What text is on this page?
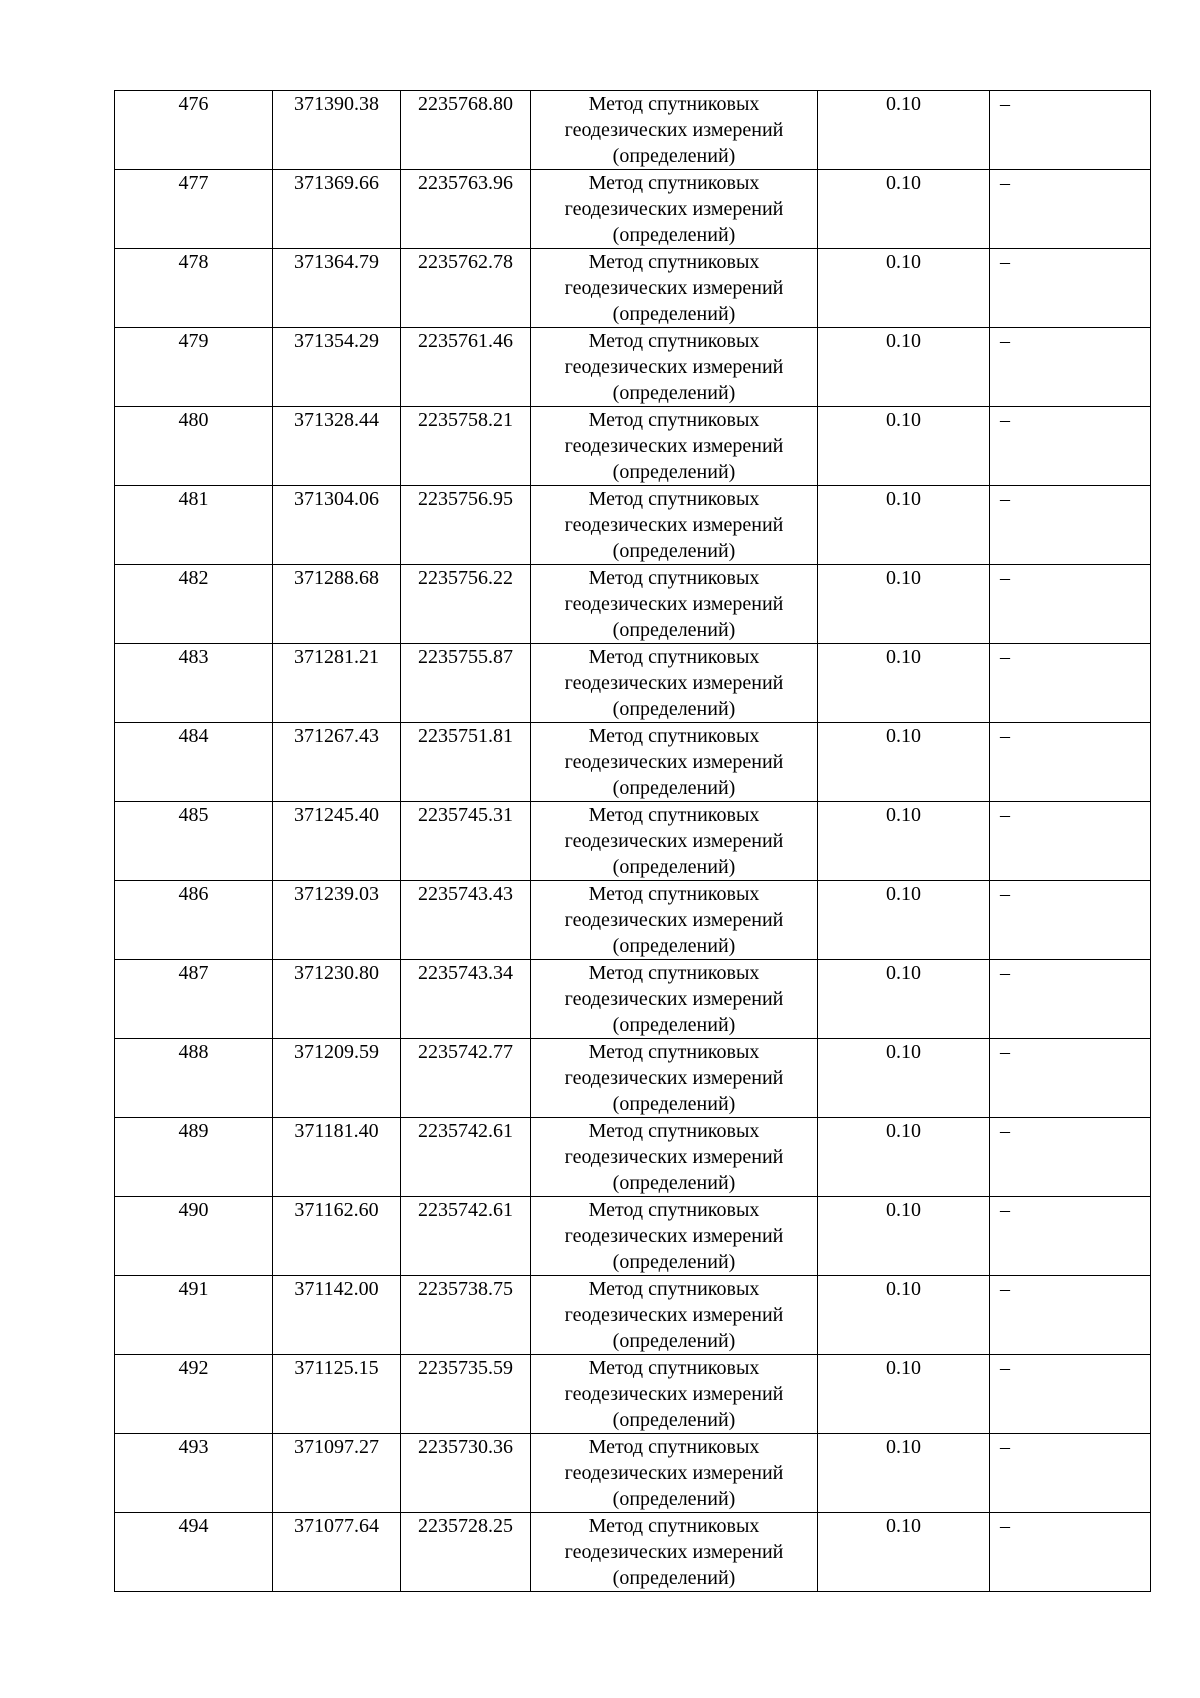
476	371390.38	2235768.80	Метод спутниковых
геодезических измерений
(определений)	0.10	–
477	371369.66	2235763.96	Метод спутниковых
геодезических измерений
(определений)	0.10	–
478	371364.79	2235762.78	Метод спутниковых
геодезических измерений
(определений)	0.10	–
479	371354.29	2235761.46	Метод спутниковых
геодезических измерений
(определений)	0.10	–
480	371328.44	2235758.21	Метод спутниковых
геодезических измерений
(определений)	0.10	–
481	371304.06	2235756.95	Метод спутниковых
геодезических измерений
(определений)	0.10	–
482	371288.68	2235756.22	Метод спутниковых
геодезических измерений
(определений)	0.10	–
483	371281.21	2235755.87	Метод спутниковых
геодезических измерений
(определений)	0.10	–
484	371267.43	2235751.81	Метод спутниковых
геодезических измерений
(определений)	0.10	–
485	371245.40	2235745.31	Метод спутниковых
геодезических измерений
(определений)	0.10	–
486	371239.03	2235743.43	Метод спутниковых
геодезических измерений
(определений)	0.10	–
487	371230.80	2235743.34	Метод спутниковых
геодезических измерений
(определений)	0.10	–
488	371209.59	2235742.77	Метод спутниковых
геодезических измерений
(определений)	0.10	–
489	371181.40	2235742.61	Метод спутниковых
геодезических измерений
(определений)	0.10	–
490	371162.60	2235742.61	Метод спутниковых
геодезических измерений
(определений)	0.10	–
491	371142.00	2235738.75	Метод спутниковых
геодезических измерений
(определений)	0.10	–
492	371125.15	2235735.59	Метод спутниковых
геодезических измерений
(определений)	0.10	–
493	371097.27	2235730.36	Метод спутниковых
геодезических измерений
(определений)	0.10	–
494	371077.64	2235728.25	Метод спутниковых
геодезических измерений
(определений)	0.10	–
